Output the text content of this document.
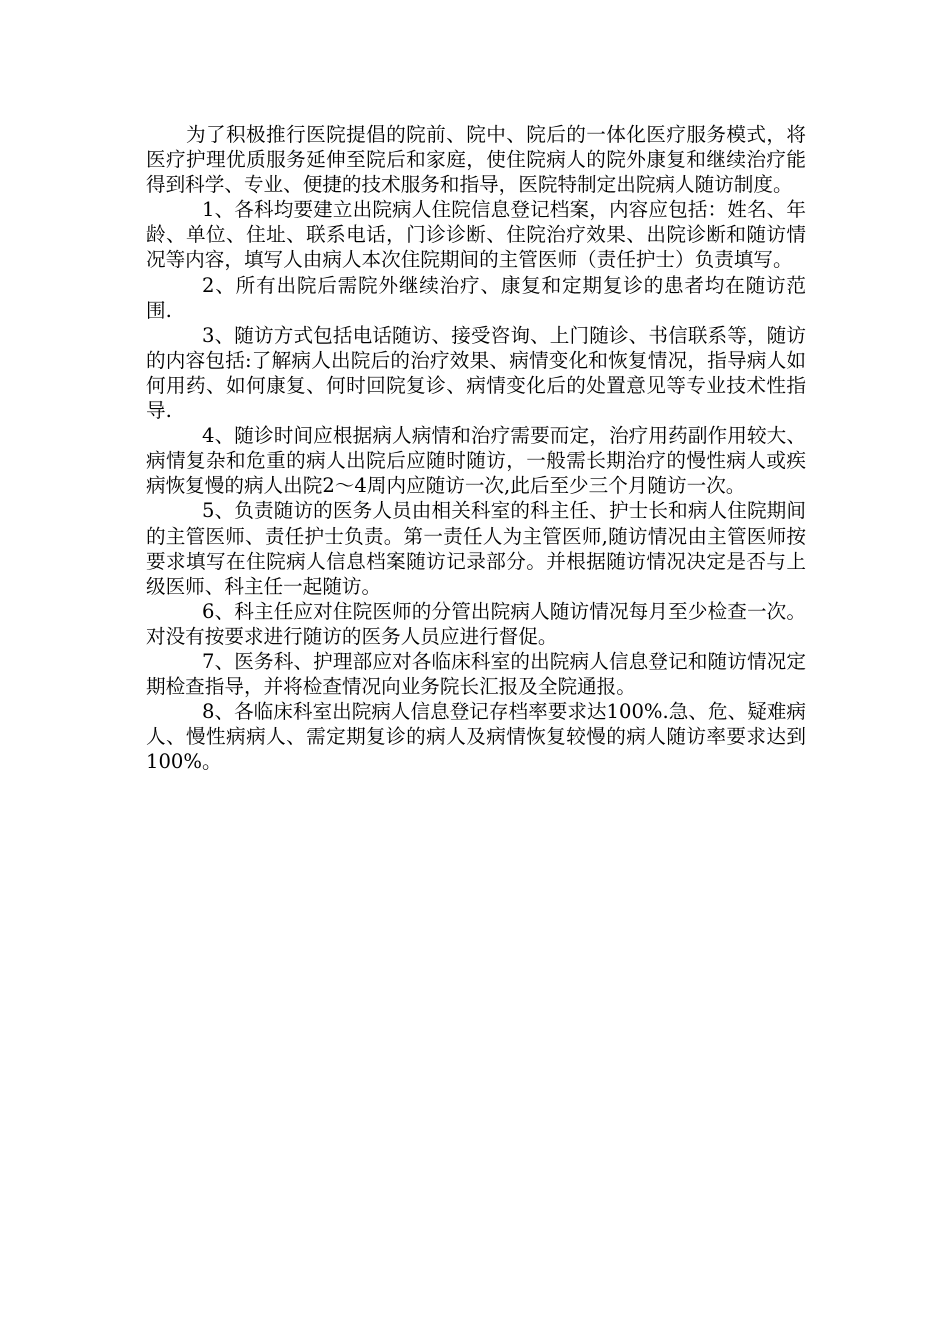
为了积极推行医院提倡的院前、院中、院后的一体化医疗服务模式，将医疗护理优质服务延伸至院后和家庭，使住院病人的院外康复和继续治疗能得到科学、专业、便捷的技术服务和指导，医院特制定出院病人随访制度。

1、各科均要建立出院病人住院信息登记档案，内容应包括：姓名、年龄、单位、住址、联系电话，门诊诊断、住院治疗效果、出院诊断和随访情况等内容，填写人由病人本次住院期间的主管医师（责任护士）负责填写。

2、所有出院后需院外继续治疗、康复和定期复诊的患者均在随访范围.

3、随访方式包括电话随访、接受咨询、上门随诊、书信联系等，随访的内容包括:了解病人出院后的治疗效果、病情变化和恢复情况，指导病人如何用药、如何康复、何时回院复诊、病情变化后的处置意见等专业技术性指导.

4、随诊时间应根据病人病情和治疗需要而定，治疗用药副作用较大、病情复杂和危重的病人出院后应随时随访，一般需长期治疗的慢性病人或疾病恢复慢的病人出院2～4周内应随访一次,此后至少三个月随访一次。

5、负责随访的医务人员由相关科室的科主任、护士长和病人住院期间的主管医师、责任护士负责。第一责任人为主管医师,随访情况由主管医师按要求填写在住院病人信息档案随访记录部分。并根据随访情况决定是否与上级医师、科主任一起随访。

6、科主任应对住院医师的分管出院病人随访情况每月至少检查一次。对没有按要求进行随访的医务人员应进行督促。

7、医务科、护理部应对各临床科室的出院病人信息登记和随访情况定期检查指导，并将检查情况向业务院长汇报及全院通报。

8、各临床科室出院病人信息登记存档率要求达100%.急、危、疑难病人、慢性病病人、需定期复诊的病人及病情恢复较慢的病人随访率要求达到100%。
